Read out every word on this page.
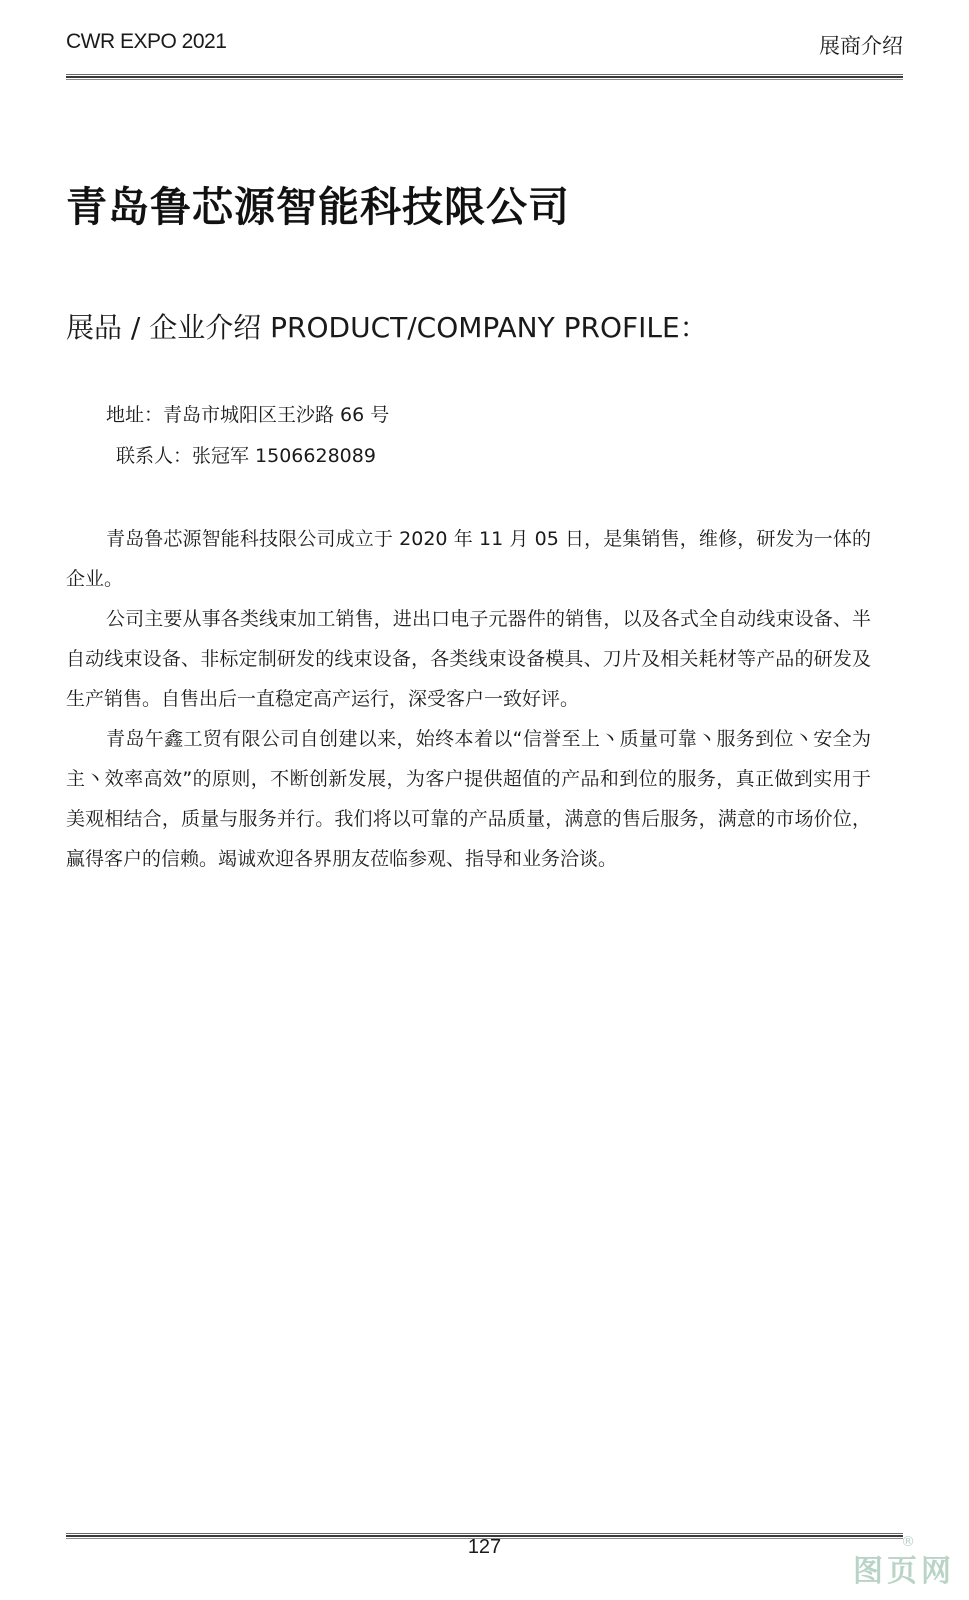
CWR EXPO 2021	展商介绍
青岛鲁芯源智能科技限公司
展品 / 企业介绍 PRODUCT/COMPANY PROFILE：
地址：青岛市城阳区王沙路 66 号
联系人：张冠军 1506628089

青岛鲁芯源智能科技限公司成立于 2020 年 11 月 05 日，是集销售，维修，研发为一体的企业。

公司主要从事各类线束加工销售，进出口电子元器件的销售，以及各式全自动线束设备、半自动线束设备、非标定制研发的线束设备，各类线束设备模具、刀片及相关耗材等产品的研发及生产销售。自售出后一直稳定高产运行，深受客户一致好评。

青岛午鑫工贸有限公司自创建以来，始终本着以“信誉至上丶质量可靠丶服务到位丶安全为主丶效率高效”的原则，不断创新发展，为客户提供超值的产品和到位的服务，真正做到实用于美观相结合，质量与服务并行。我们将以可靠的产品质量，满意的售后服务，满意的市场价位，赢得客户的信赖。竭诚欢迎各界朋友莅临参观、指导和业务洽谈。

127	®
图页网
